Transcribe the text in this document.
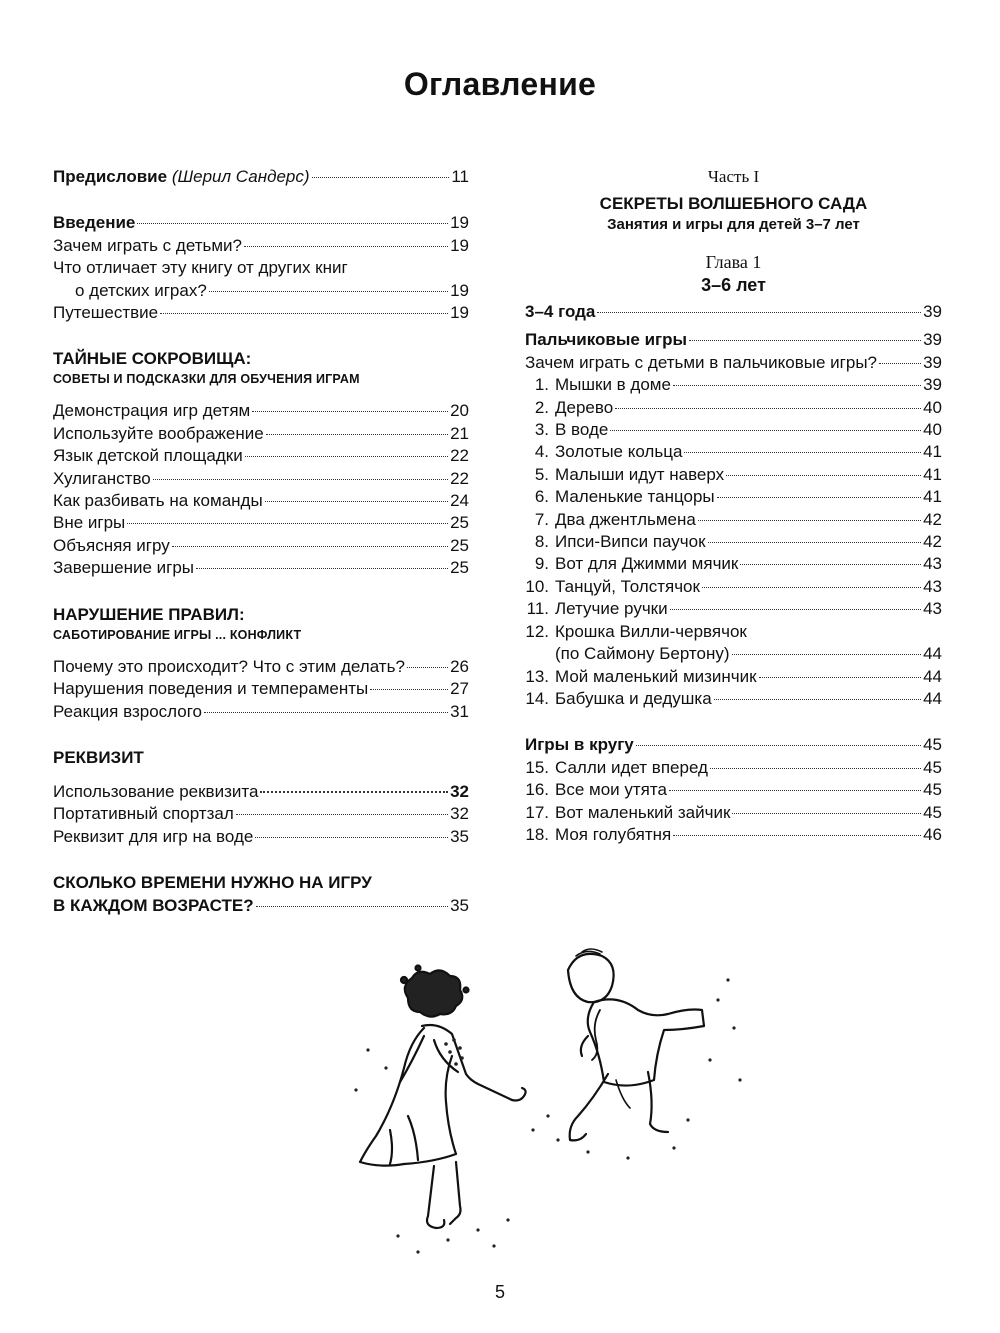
Оглавление
Предисловие (Шерил Сандерс)	11
Введение	19
Зачем играть с детьми?	19
Что отличает эту книгу от других книг
о детских играх?	19
Путешествие	19
ТАЙНЫЕ СОКРОВИЩА:
СОВЕТЫ И ПОДСКАЗКИ ДЛЯ ОБУЧЕНИЯ ИГРАМ
Демонстрация игр детям	20
Используйте воображение	21
Язык детской площадки	22
Хулиганство	22
Как разбивать на команды	24
Вне игры	25
Объясняя игру	25
Завершение игры	25
НАРУШЕНИЕ ПРАВИЛ:
САБОТИРОВАНИЕ ИГРЫ ... КОНФЛИКТ
Почему это происходит? Что с этим делать?	26
Нарушения поведения и темпераменты	27
Реакция взрослого	31
РЕКВИЗИТ
Использование реквизита	32
Портативный спортзал	32
Реквизит для игр на воде	35
СКОЛЬКО ВРЕМЕНИ НУЖНО НА ИГРУ
В КАЖДОМ ВОЗРАСТЕ?	35
Часть I
СЕКРЕТЫ ВОЛШЕБНОГО САДА
Занятия и игры для детей 3–7 лет
Глава 1
3–6 лет
3–4 года	39
Пальчиковые игры	39
Зачем играть с детьми в пальчиковые игры?	39
1. Мышки в доме	39
2. Дерево	40
3. В воде	40
4. Золотые кольца	41
5. Малыши идут наверх	41
6. Маленькие танцоры	41
7. Два джентльмена	42
8. Ипси-Випси паучок	42
9. Вот для Джимми мячик	43
10. Танцуй, Толстячок	43
11. Летучие ручки	43
12. Крошка Вилли-червячок
(по Саймону Бертону)	44
13. Мой маленький мизинчик	44
14. Бабушка и дедушка	44
Игры в кругу	45
15. Салли идет вперед	45
16. Все мои утята	45
17. Вот маленький зайчик	45
18. Моя голубятня	46
5
